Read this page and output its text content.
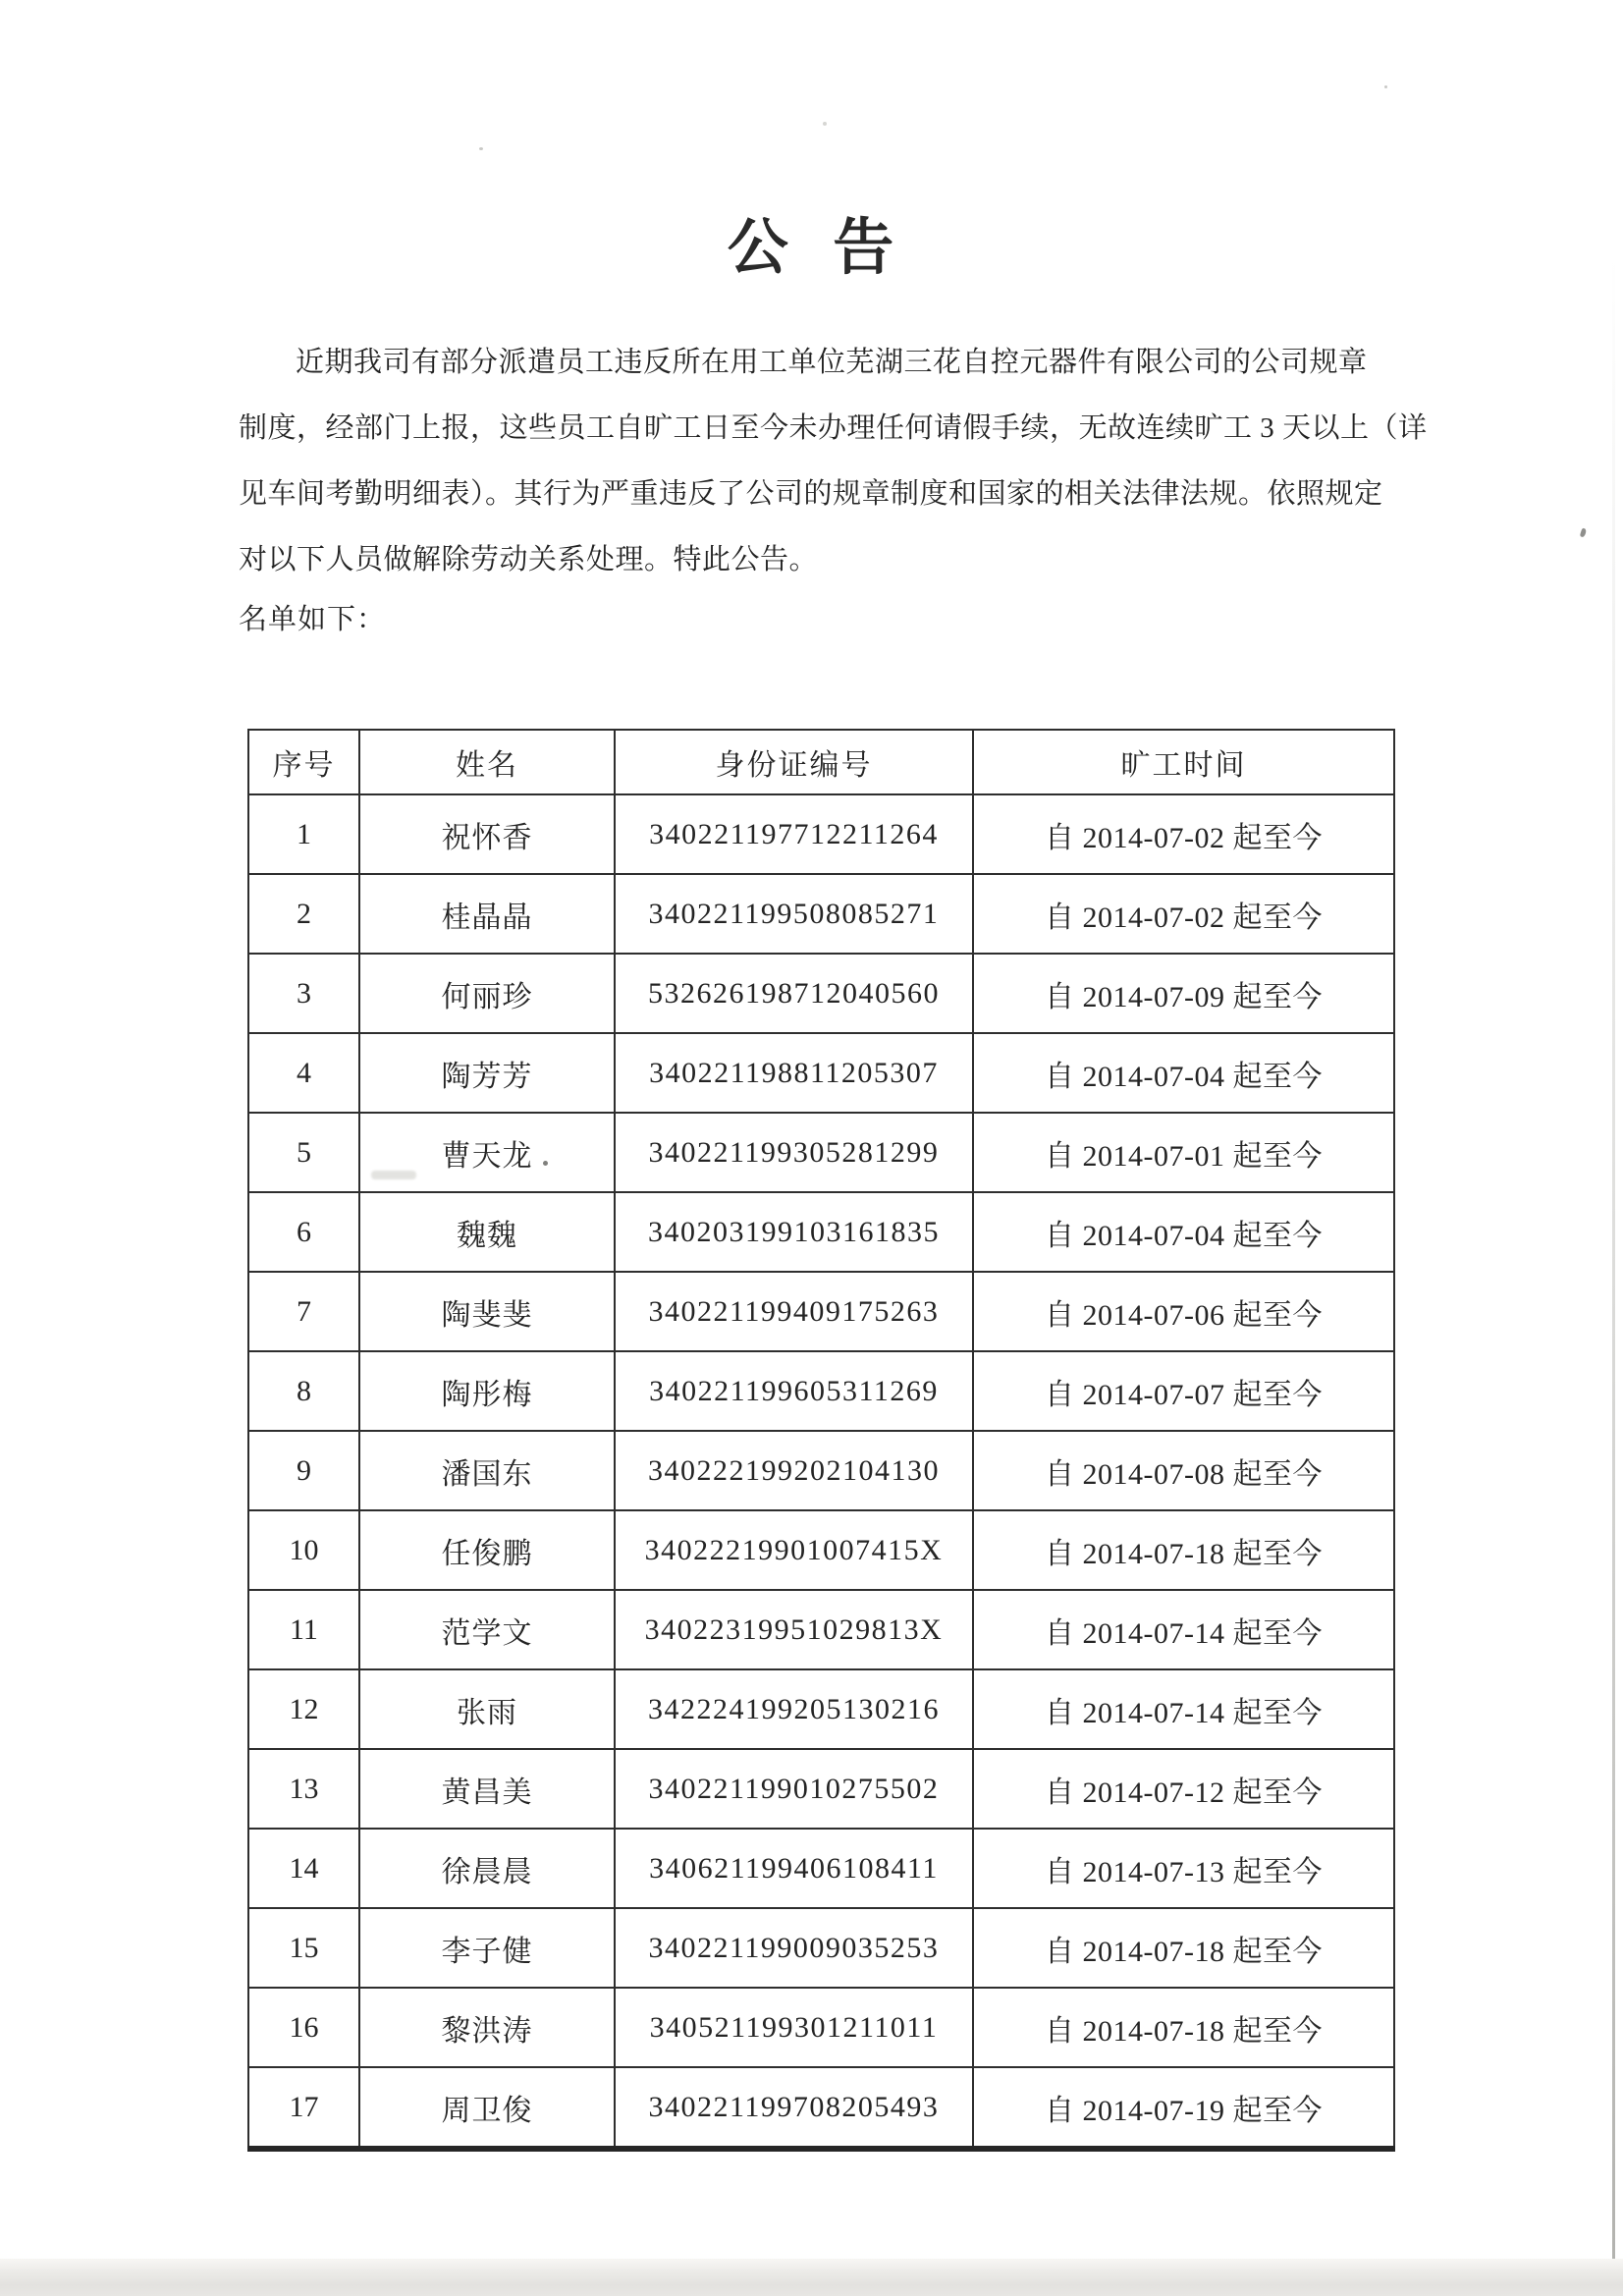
公 告
近期我司有部分派遣员工违反所在用工单位芜湖三花自控元器件有限公司的公司规章
制度，经部门上报，这些员工自旷工日至今未办理任何请假手续，无故连续旷工 3 天以上（详
见车间考勤明细表）。其行为严重违反了公司的规章制度和国家的相关法律法规。依照规定
对以下人员做解除劳动关系处理。特此公告。
名单如下：
序号	姓名	身份证编号	旷工时间
1	祝怀香	340221197712211264	自 2014-07-02 起至今
2	桂晶晶	340221199508085271	自 2014-07-02 起至今
3	何丽珍	532626198712040560	自 2014-07-09 起至今
4	陶芳芳	340221198811205307	自 2014-07-04 起至今
5	曹天龙	340221199305281299	自 2014-07-01 起至今
6	魏魏	340203199103161835	自 2014-07-04 起至今
7	陶斐斐	340221199409175263	自 2014-07-06 起至今
8	陶彤梅	340221199605311269	自 2014-07-07 起至今
9	潘国东	340222199202104130	自 2014-07-08 起至今
10	任俊鹏	34022219901007415X	自 2014-07-18 起至今
11	范学文	34022319951029813X	自 2014-07-14 起至今
12	张雨	342224199205130216	自 2014-07-14 起至今
13	黄昌美	340221199010275502	自 2014-07-12 起至今
14	徐晨晨	340621199406108411	自 2014-07-13 起至今
15	李子健	340221199009035253	自 2014-07-18 起至今
16	黎洪涛	340521199301211011	自 2014-07-18 起至今
17	周卫俊	340221199708205493	自 2014-07-19 起至今
